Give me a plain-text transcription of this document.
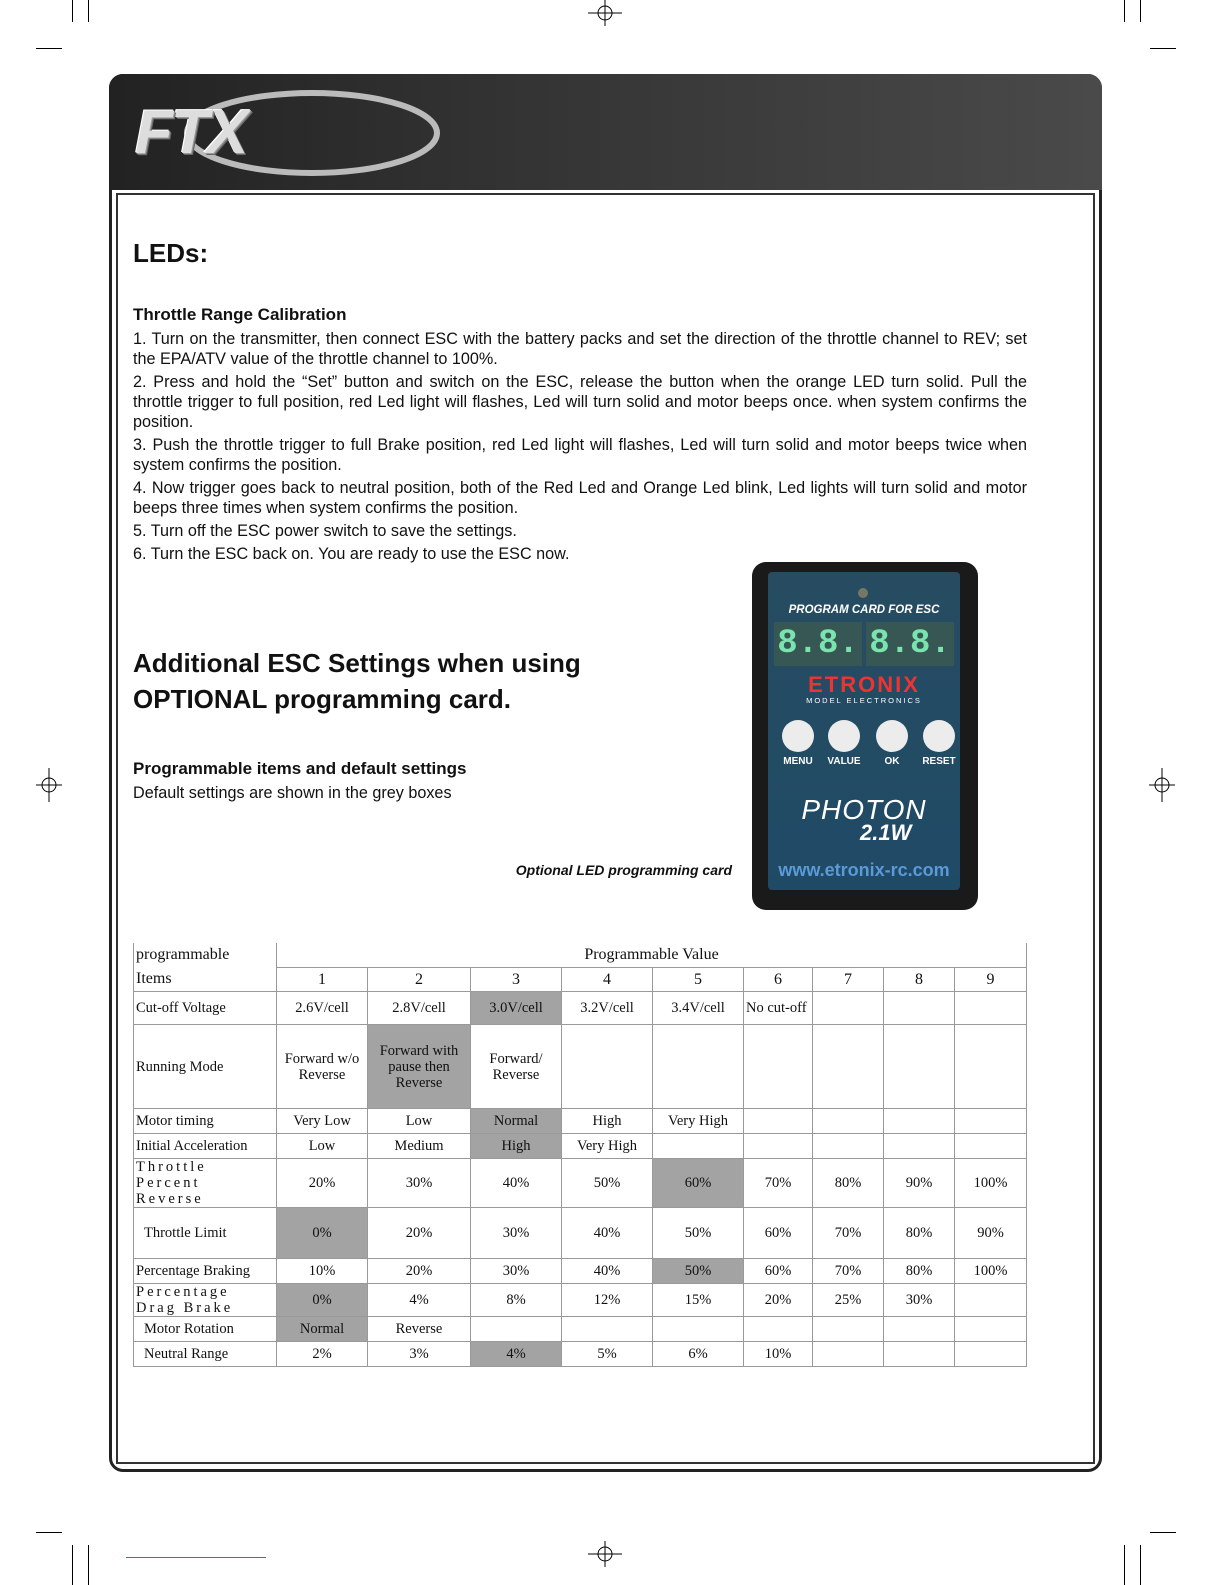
FTX
LEDs:
Throttle Range Calibration

1. Turn on the transmitter, then connect ESC with the battery packs and set the direction of the throttle channel to REV; set the EPA/ATV value of the throttle channel to 100%.

2. Press and hold the “Set” button and switch on the ESC, release the button when the orange LED turn solid. Pull the throttle trigger to full position, red Led light will flashes, Led will turn solid and motor beeps once. when system confirms the position.

3. Push the throttle trigger to full Brake position, red Led light will flashes, Led will turn solid and motor beeps twice when system confirms the position.

4. Now trigger goes back to neutral position, both of the Red Led and Orange Led blink, Led lights will turn solid and motor beeps three times when system confirms the position.

5. Turn off the ESC power switch to save the settings.

6. Turn the ESC back on. You are ready to use the ESC now.

Additional ESC Settings when using
OPTIONAL programming card.
Programmable items and default settings
Default settings are shown in the grey boxes
Optional LED programming card
PROGRAM CARD FOR ESC
8.8. 8.8.
ETRONIX
MODEL ELECTRONICS
MENU	VALUE	OK	RESET
PHOTON
2.1W
www.etronix-rc.com
programmable
Items	Programmable Value								
	1	2	3	4	5	6	7	8	9
Cut-off Voltage	2.6V/cell	2.8V/cell	3.0V/cell	3.2V/cell	3.4V/cell	No cut-off			
Running Mode	Forward w/o Reverse	Forward with pause then Reverse	Forward/ Reverse						
Motor timing	Very Low	Low	Normal	High	Very High				
Initial Acceleration	Low	Medium	High	Very High					
Throttle Percent Reverse	20%	30%	40%	50%	60%	70%	80%	90%	100%
Throttle Limit	0%	20%	30%	40%	50%	60%	70%	80%	90%
Percentage Braking	10%	20%	30%	40%	50%	60%	70%	80%	100%
Percentage Drag Brake	0%	4%	8%	12%	15%	20%	25%	30%	
Motor Rotation	Normal	Reverse							
Neutral Range	2%	3%	4%	5%	6%	10%			
